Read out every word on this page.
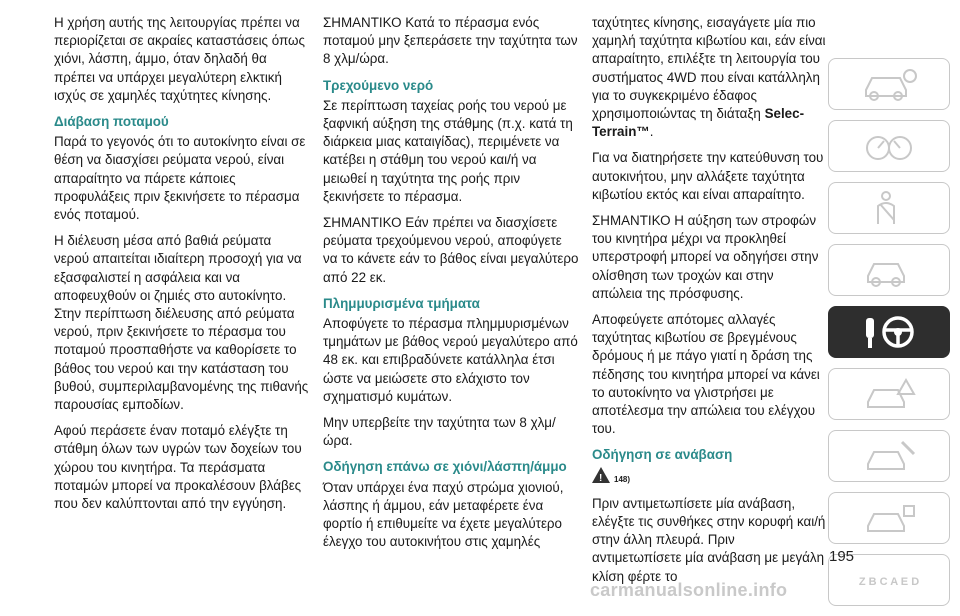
Η χρήση αυτής της λειτουργίας πρέπει να περιορίζεται σε ακραίες καταστάσεις όπως χιόνι, λάσπη, άμμο, όταν δηλαδή θα πρέπει να υπάρχει μεγαλύτερη ελκτική ισχύς σε χαμηλές ταχύτητες κίνησης.

Διάβαση ποταμού

Παρά το γεγονός ότι το αυτοκίνητο είναι σε θέση να διασχίσει ρεύματα νερού, είναι απαραίτητο να πάρετε κάποιες προφυλάξεις πριν ξεκινήσετε το πέρασμα ενός ποταμού.

Η διέλευση μέσα από βαθιά ρεύματα νερού απαιτείται ιδιαίτερη προσοχή για να εξασφαλιστεί η ασφάλεια και να αποφευχθούν οι ζημιές στο αυτοκίνητο. Στην περίπτωση διέλευσης από ρεύματα νερού, πριν ξεκινήσετε το πέρασμα του ποταμού προσπαθήστε να καθορίσετε το βάθος του νερού και την κατάσταση του βυθού, συμπεριλαμβανομένης της πιθανής παρουσίας εμποδίων.

Αφού περάσετε έναν ποταμό ελέγξτε τη στάθμη όλων των υγρών των δοχείων του χώρου του κινητήρα. Τα περάσματα ποταμών μπορεί να προκαλέσουν βλάβες που δεν καλύπτονται από την εγγύηση.

ΣΗΜΑΝΤΙΚΟ Κατά το πέρασμα ενός ποταμού μην ξεπεράσετε την ταχύτητα των 8 χλμ/ώρα.

Τρεχούμενο νερό

Σε περίπτωση ταχείας ροής του νερού με ξαφνική αύξηση της στάθμης (π.χ. κατά τη διάρκεια μιας καταιγίδας), περιμένετε να κατέβει η στάθμη του νερού και/ή να μειωθεί η ταχύτητα της ροής πριν ξεκινήσετε το πέρασμα.

ΣΗΜΑΝΤΙΚΟ Εάν πρέπει να διασχίσετε ρεύματα τρεχούμενου νερού, αποφύγετε να το κάνετε εάν το βάθος είναι μεγαλύτερο από 22 εκ.

Πλημμυρισμένα τμήματα

Αποφύγετε το πέρασμα πλημμυρισμένων τμημάτων με βάθος νερού μεγαλύτερο από 48 εκ. και επιβραδύνετε κατάλληλα έτσι ώστε να μειώσετε στο ελάχιστο τον σχηματισμό κυμάτων.

Μην υπερβείτε την ταχύτητα των 8 χλμ/ώρα.

Οδήγηση επάνω σε χιόνι/λάσπη/άμμο

Όταν υπάρχει ένα παχύ στρώμα χιονιού, λάσπης ή άμμου, εάν μεταφέρετε ένα φορτίο ή επιθυμείτε να έχετε μεγαλύτερο έλεγχο του αυτοκινήτου στις χαμηλές

ταχύτητες κίνησης, εισαγάγετε μία πιο χαμηλή ταχύτητα κιβωτίου και, εάν είναι απαραίτητο, επιλέξτε τη λειτουργία του συστήματος 4WD που είναι κατάλληλη για το συγκεκριμένο έδαφος χρησιμοποιώντας τη διάταξη Selec-Terrain™.

Για να διατηρήσετε την κατεύθυνση του αυτοκινήτου, μην αλλάξετε ταχύτητα κιβωτίου εκτός και είναι απαραίτητο.

ΣΗΜΑΝΤΙΚΟ Η αύξηση των στροφών του κινητήρα μέχρι να προκληθεί υπερστροφή μπορεί να οδηγήσει στην ολίσθηση των τροχών και στην απώλεια της πρόσφυσης.

Αποφεύγετε απότομες αλλαγές ταχύτητας κιβωτίου σε βρεγμένους δρόμους ή με πάγο γιατί η δράση της πέδησης του κινητήρα μπορεί να κάνει το αυτοκίνητο να γλιστρήσει με αποτέλεσμα την απώλεια του ελέγχου του.

Οδήγηση σε ανάβαση
! $_{148)}$

Πριν αντιμετωπίσετε μία ανάβαση, ελέγξτε τις συνθήκες στην κορυφή και/ή στην άλλη πλευρά. Πριν αντιμετωπίσετε μία ανάβαση με μεγάλη κλίση φέρτε το	Z B C A E D
195
carmanualsonline.info
